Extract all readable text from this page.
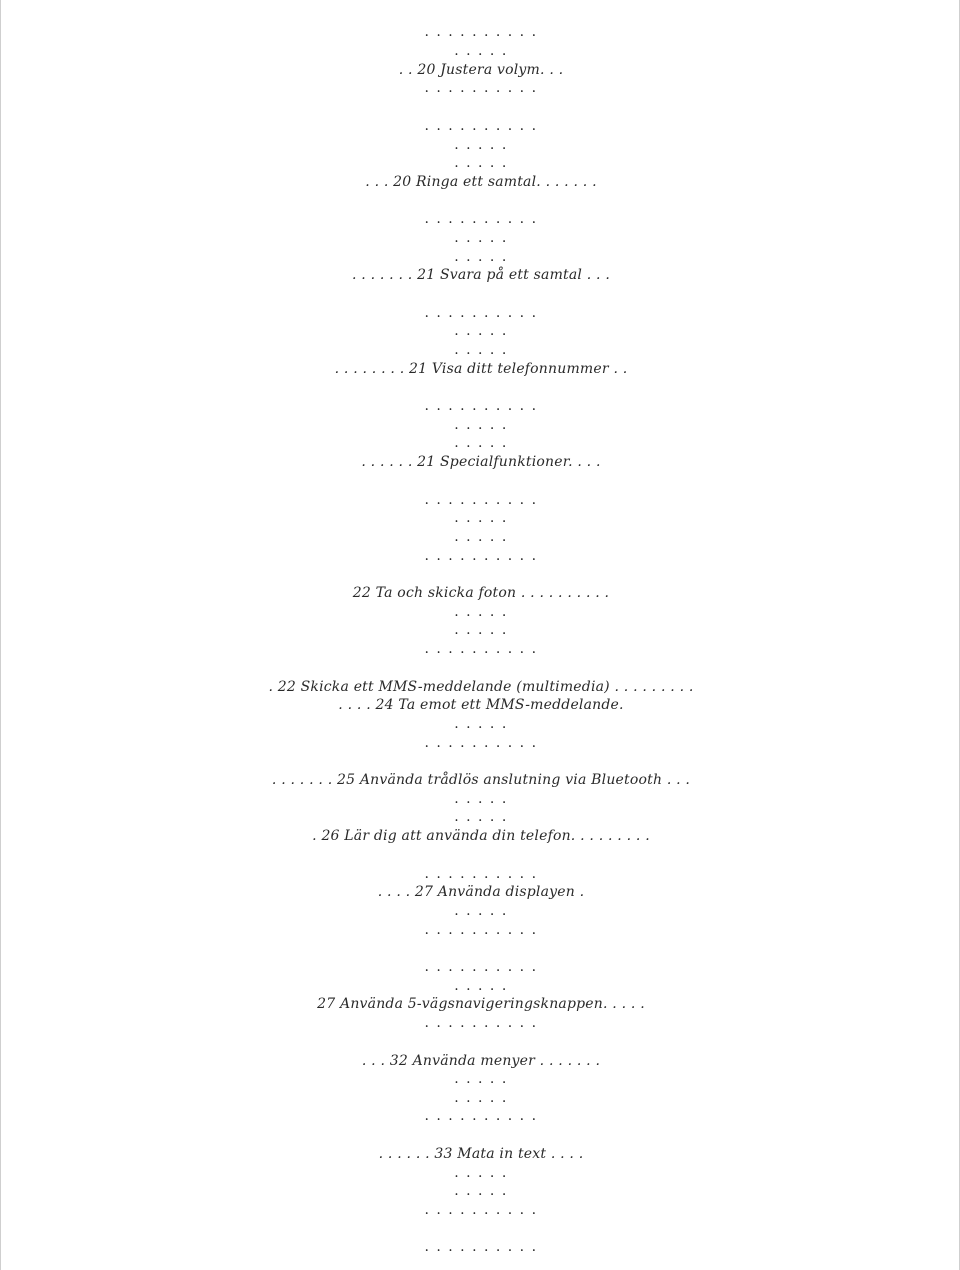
. . . . . . . . . .
. . . . .
. . 20 Justera volym. . .
. . . . . . . . . .
. . . . . . . . . .
. . . . .
. . . . .
. . . 20 Ringa ett samtal. . . . . . .
. . . . . . . . . .
. . . . .
. . . . .
. . . . . . . 21 Svara på ett samtal . . .
. . . . . . . . . .
. . . . .
. . . . .
. . . . . . . . 21 Visa ditt telefonnummer . .
. . . . . . . . . .
. . . . .
. . . . .
. . . . . . 21 Specialfunktioner. . . .
. . . . . . . . . .
. . . . .
. . . . .
. . . . . . . . . .
22 Ta och skicka foton . . . . . . . . . .
. . . . .
. . . . .
. . . . . . . . . .
. 22 Skicka ett MMS-meddelande (multimedia) . . . . . . . . .
. . . . 24 Ta emot ett MMS-meddelande.
. . . . .
. . . . . . . . . .
. . . . . . . 25 Använda trådlös anslutning via Bluetooth . . .
. . . . .
. . . . .
. 26 Lär dig att använda din telefon. . . . . . . . .
. . . . . . . . . .
. . . . 27 Använda displayen .
. . . . .
. . . . . . . . . .
. . . . . . . . . .
. . . . .
27 Använda 5-vägsnavigeringsknappen. . . . .
. . . . . . . . . .
. . . 32 Använda menyer . . . . . . .
. . . . .
. . . . .
. . . . . . . . . .
. . . . . . 33 Mata in text . . . .
. . . . .
. . . . .
. . . . . . . . . .
. . . . . . . . . .
